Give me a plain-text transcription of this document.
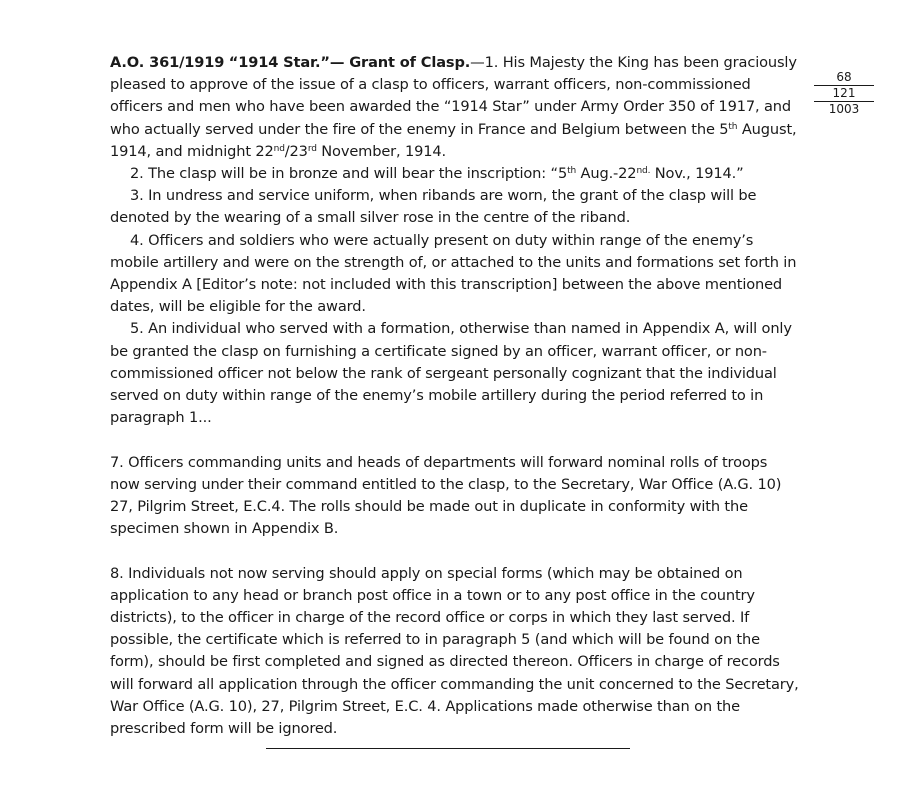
A.O. 361/1919 “1914 Star.”— Grant of Clasp.—1. His Majesty the King has been graciously pleased to approve of the issue of a clasp to officers, warrant officers, non-commissioned officers and men who have been awarded the “1914 Star” under Army Order 350 of 1917, and who actually served under the fire of the enemy in France and Belgium between the 5th August, 1914, and midnight 22nd/23rd November, 1914.

2. The clasp will be in bronze and will bear the inscription: “5th $Aug.-22^{nd.}$ Nov., 1914.”

3. In undress and service uniform, when ribands are worn, the grant of the clasp will be denoted by the wearing of a small silver rose in the centre of the riband.

4. Officers and soldiers who were actually present on duty within range of the enemy’s mobile artillery and were on the strength of, or attached to the units and formations set forth in Appendix A [Editor’s note: not included with this transcription] between the above mentioned dates, will be eligible for the award.

5. An individual who served with a formation, otherwise than named in Appendix A, will only be granted the clasp on furnishing a certificate signed by an officer, warrant officer, or non-commissioned officer not below the rank of sergeant personally cognizant that the individual served on duty within range of the enemy’s mobile artillery during the period referred to in paragraph 1...

7. Officers commanding units and heads of departments will forward nominal rolls of troops now serving under their command entitled to the clasp, to the Secretary, War Office (A.G. 10) 27, Pilgrim Street, E.C.4. The rolls should be made out in duplicate in conformity with the specimen shown in Appendix B.

8. Individuals not now serving should apply on special forms (which may be obtained on application to any head or branch post office in a town or to any post office in the country districts), to the officer in charge of the record office or corps in which they last served. If possible, the certificate which is referred to in paragraph 5 (and which will be found on the form), should be first completed and signed as directed thereon. Officers in charge of records will forward all application through the officer commanding the unit concerned to the Secretary, War Office (A.G. 10), 27, Pilgrim Street, E.C. 4. Applications made otherwise than on the prescribed form will be ignored.

68
121
1003
